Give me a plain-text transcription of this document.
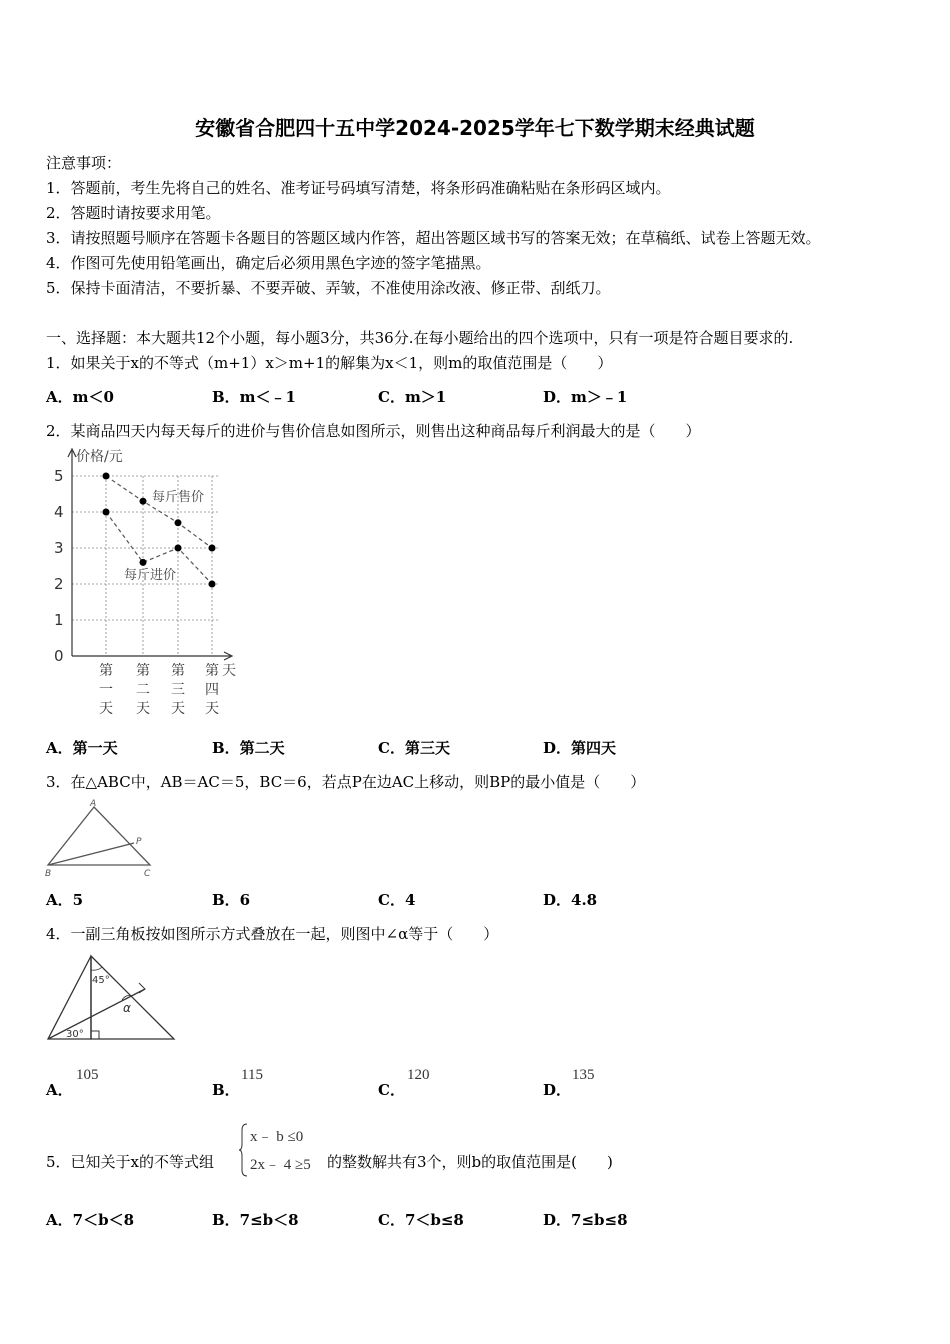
安徽省合肥四十五中学2024-2025学年七下数学期末经典试题
注意事项：
1．答题前，考生先将自己的姓名、准考证号码填写清楚，将条形码准确粘贴在条形码区域内。
2．答题时请按要求用笔。
3．请按照题号顺序在答题卡各题目的答题区域内作答，超出答题区域书写的答案无效；在草稿纸、试卷上答题无效。
4．作图可先使用铅笔画出，确定后必须用黑色字迹的签字笔描黑。
5．保持卡面清洁，不要折暴、不要弄破、弄皱，不准使用涂改液、修正带、刮纸刀。
一、选择题：本大题共12个小题，每小题3分，共36分.在每小题给出的四个选项中，只有一项是符合题目要求的.
1．如果关于x的不等式（m+1）x＞m+1的解集为x＜1，则m的取值范围是（　　）
A．m＜0	B．m＜﹣1	C．m＞1	D．m＞﹣1
2．某商品四天内每天每斤的进价与售价信息如图所示，则售出这种商品每斤利润最大的是（　　）
价格/元
天
0
1
2
3
4
5
第
一
天
第
二
天
第
三
天
第
四
天
每斤售价
每斤进价
A．第一天	B．第二天	C．第三天	D．第四天
3．在△ABC中，AB＝AC＝5，BC＝6，若点P在边AC上移动，则BP的最小值是（　　）
A
B	C
P
A．5	B．6	C．4	D．4.8
4．一副三角板按如图所示方式叠放在一起，则图中∠α等于（　　）
45°
α
30°
A．
105
B．
115
C．
120
D．
135
5．已知关于x的不等式组
x﹣ b ≤0
2x﹣ 4 ≥5 的整数解共有3个，则b的取值范围是(　　)
A．7＜b＜8	B．7≤b＜8	C．7＜b≤8	D．7≤b≤8
